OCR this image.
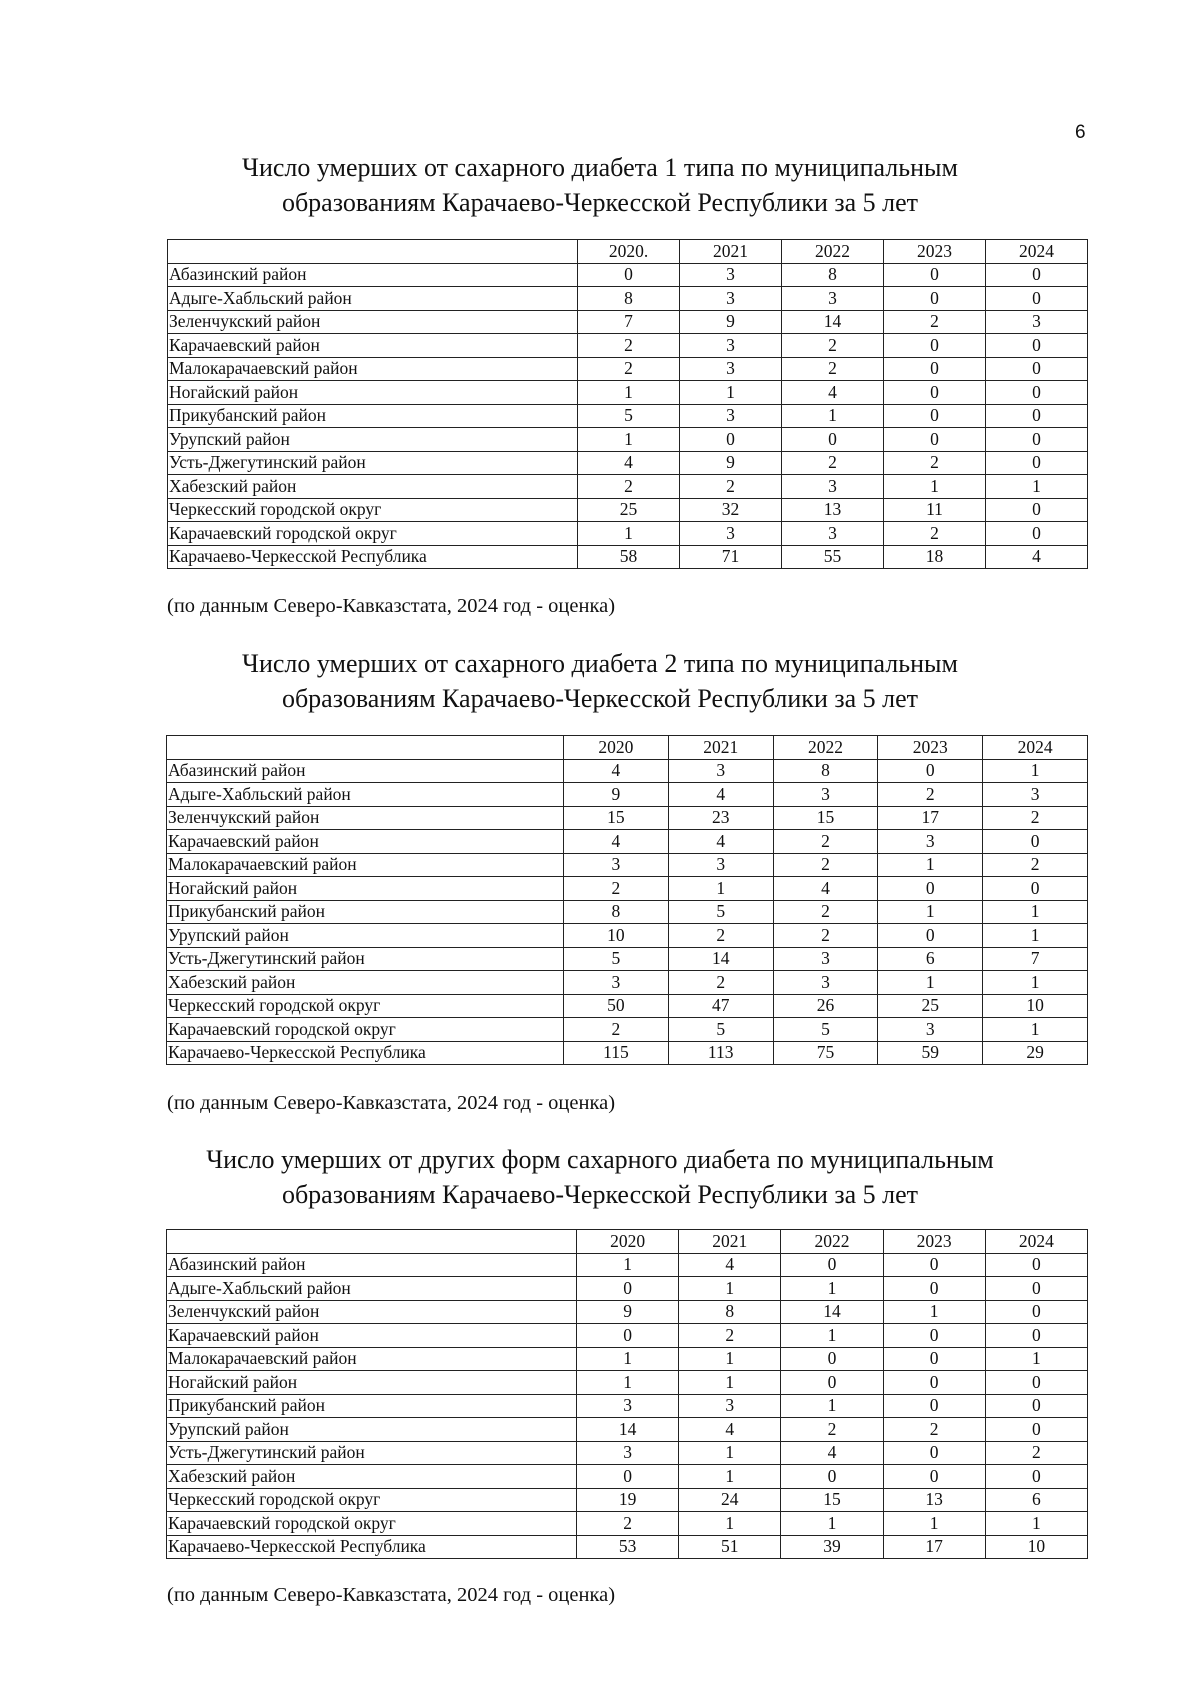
6
Число умерших от сахарного диабета 1 типа по муниципальным
образованиям Карачаево-Черкесской Республики за 5 лет
	2020.	2021	2022	2023	2024
Абазинский район	0	3	8	0	0
Адыге-Хабльский район	8	3	3	0	0
Зеленчукский район	7	9	14	2	3
Карачаевский район	2	3	2	0	0
Малокарачаевский район	2	3	2	0	0
Ногайский район	1	1	4	0	0
Прикубанский район	5	3	1	0	0
Урупский район	1	0	0	0	0
Усть-Джегутинский район	4	9	2	2	0
Хабезский район	2	2	3	1	1
Черкесский городской округ	25	32	13	11	0
Карачаевский городской округ	1	3	3	2	0
Карачаево-Черкесской Республика	58	71	55	18	4
(по данным Северо-Кавказстата, 2024 год - оценка)
Число умерших от сахарного диабета 2 типа по муниципальным
образованиям Карачаево-Черкесской Республики за 5 лет
	2020	2021	2022	2023	2024
Абазинский район	4	3	8	0	1
Адыге-Хабльский район	9	4	3	2	3
Зеленчукский район	15	23	15	17	2
Карачаевский район	4	4	2	3	0
Малокарачаевский район	3	3	2	1	2
Ногайский район	2	1	4	0	0
Прикубанский район	8	5	2	1	1
Урупский район	10	2	2	0	1
Усть-Джегутинский район	5	14	3	6	7
Хабезский район	3	2	3	1	1
Черкесский городской округ	50	47	26	25	10
Карачаевский городской округ	2	5	5	3	1
Карачаево-Черкесской Республика	115	113	75	59	29
(по данным Северо-Кавказстата, 2024 год - оценка)
Число умерших от других форм сахарного диабета по муниципальным
образованиям Карачаево-Черкесской Республики за 5 лет
	2020	2021	2022	2023	2024
Абазинский район	1	4	0	0	0
Адыге-Хабльский район	0	1	1	0	0
Зеленчукский район	9	8	14	1	0
Карачаевский район	0	2	1	0	0
Малокарачаевский район	1	1	0	0	1
Ногайский район	1	1	0	0	0
Прикубанский район	3	3	1	0	0
Урупский район	14	4	2	2	0
Усть-Джегутинский район	3	1	4	0	2
Хабезский район	0	1	0	0	0
Черкесский городской округ	19	24	15	13	6
Карачаевский городской округ	2	1	1	1	1
Карачаево-Черкесской Республика	53	51	39	17	10
(по данным Северо-Кавказстата, 2024 год - оценка)
